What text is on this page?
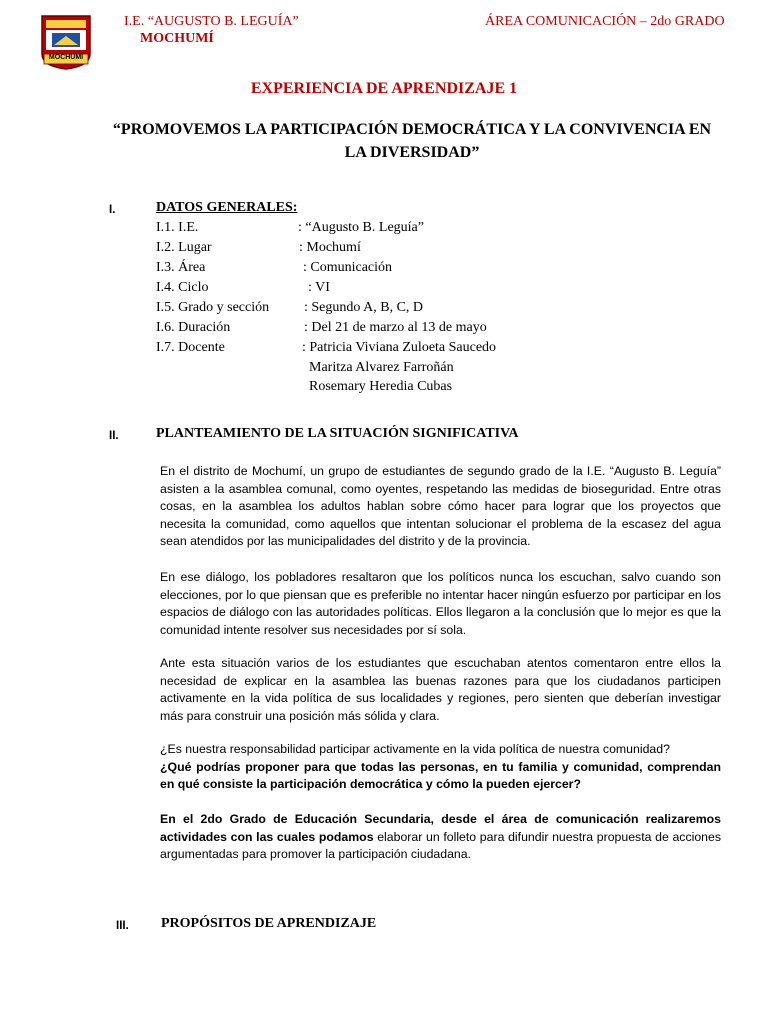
MOCHUMÍ
I.E. “AUGUSTO B. LEGUÍA”
MOCHUMÍ
ÁREA COMUNICACIÓN – 2do GRADO
EXPERIENCIA DE APRENDIZAJE 1
“PROMOVEMOS LA PARTICIPACIÓN DEMOCRÁTICA Y LA CONVIVENCIA EN
LA DIVERSIDAD”
I.	DATOS GENERALES:
I.1. I.E.	: “Augusto B. Leguía”
I.2. Lugar	: Mochumí
I.3. Área	: Comunicación
I.4. Ciclo	: VI
I.5. Grado y sección : Segundo A, B, C, D
I.6. Duración	: Del 21 de marzo al 13 de mayo
I.7. Docente	: Patricia Viviana Zuloeta Saucedo
Maritza Alvarez Farroñán
Rosemary Heredia Cubas
II.	PLANTEAMIENTO DE LA SITUACIÓN SIGNIFICATIVA

En el distrito de Mochumí, un grupo de estudiantes de segundo grado de la I.E. “Augusto B. Leguía” asisten a la asamblea comunal, como oyentes, respetando las medidas de bioseguridad. Entre otras cosas, en la asamblea los adultos hablan sobre cómo hacer para lograr que los proyectos que necesita la comunidad, como aquellos que intentan solucionar el problema de la escasez del agua sean atendidos por las municipalidades del distrito y de la provincia.

En ese diálogo, los pobladores resaltaron que los políticos nunca los escuchan, salvo cuando son elecciones, por lo que piensan que es preferible no intentar hacer ningún esfuerzo por participar en los espacios de diálogo con las autoridades políticas. Ellos llegaron a la conclusión que lo mejor es que la comunidad intente resolver sus necesidades por sí sola.

Ante esta situación varios de los estudiantes que escuchaban atentos comentaron entre ellos la necesidad de explicar en la asamblea las buenas razones para que los ciudadanos participen activamente en la vida política de sus localidades y regiones, pero sienten que deberían investigar más para construir una posición más sólida y clara.

¿Es nuestra responsabilidad participar activamente en la vida política de nuestra comunidad?

¿Qué podrías proponer para que todas las personas, en tu familia y comunidad, comprendan en qué consiste la participación democrática y cómo la pueden ejercer?

En el 2do Grado de Educación Secundaria, desde el área de comunicación realizaremos actividades con las cuales podamos elaborar un folleto para difundir nuestra propuesta de acciones argumentadas para promover la participación ciudadana.

III. PROPÓSITOS DE APRENDIZAJE
